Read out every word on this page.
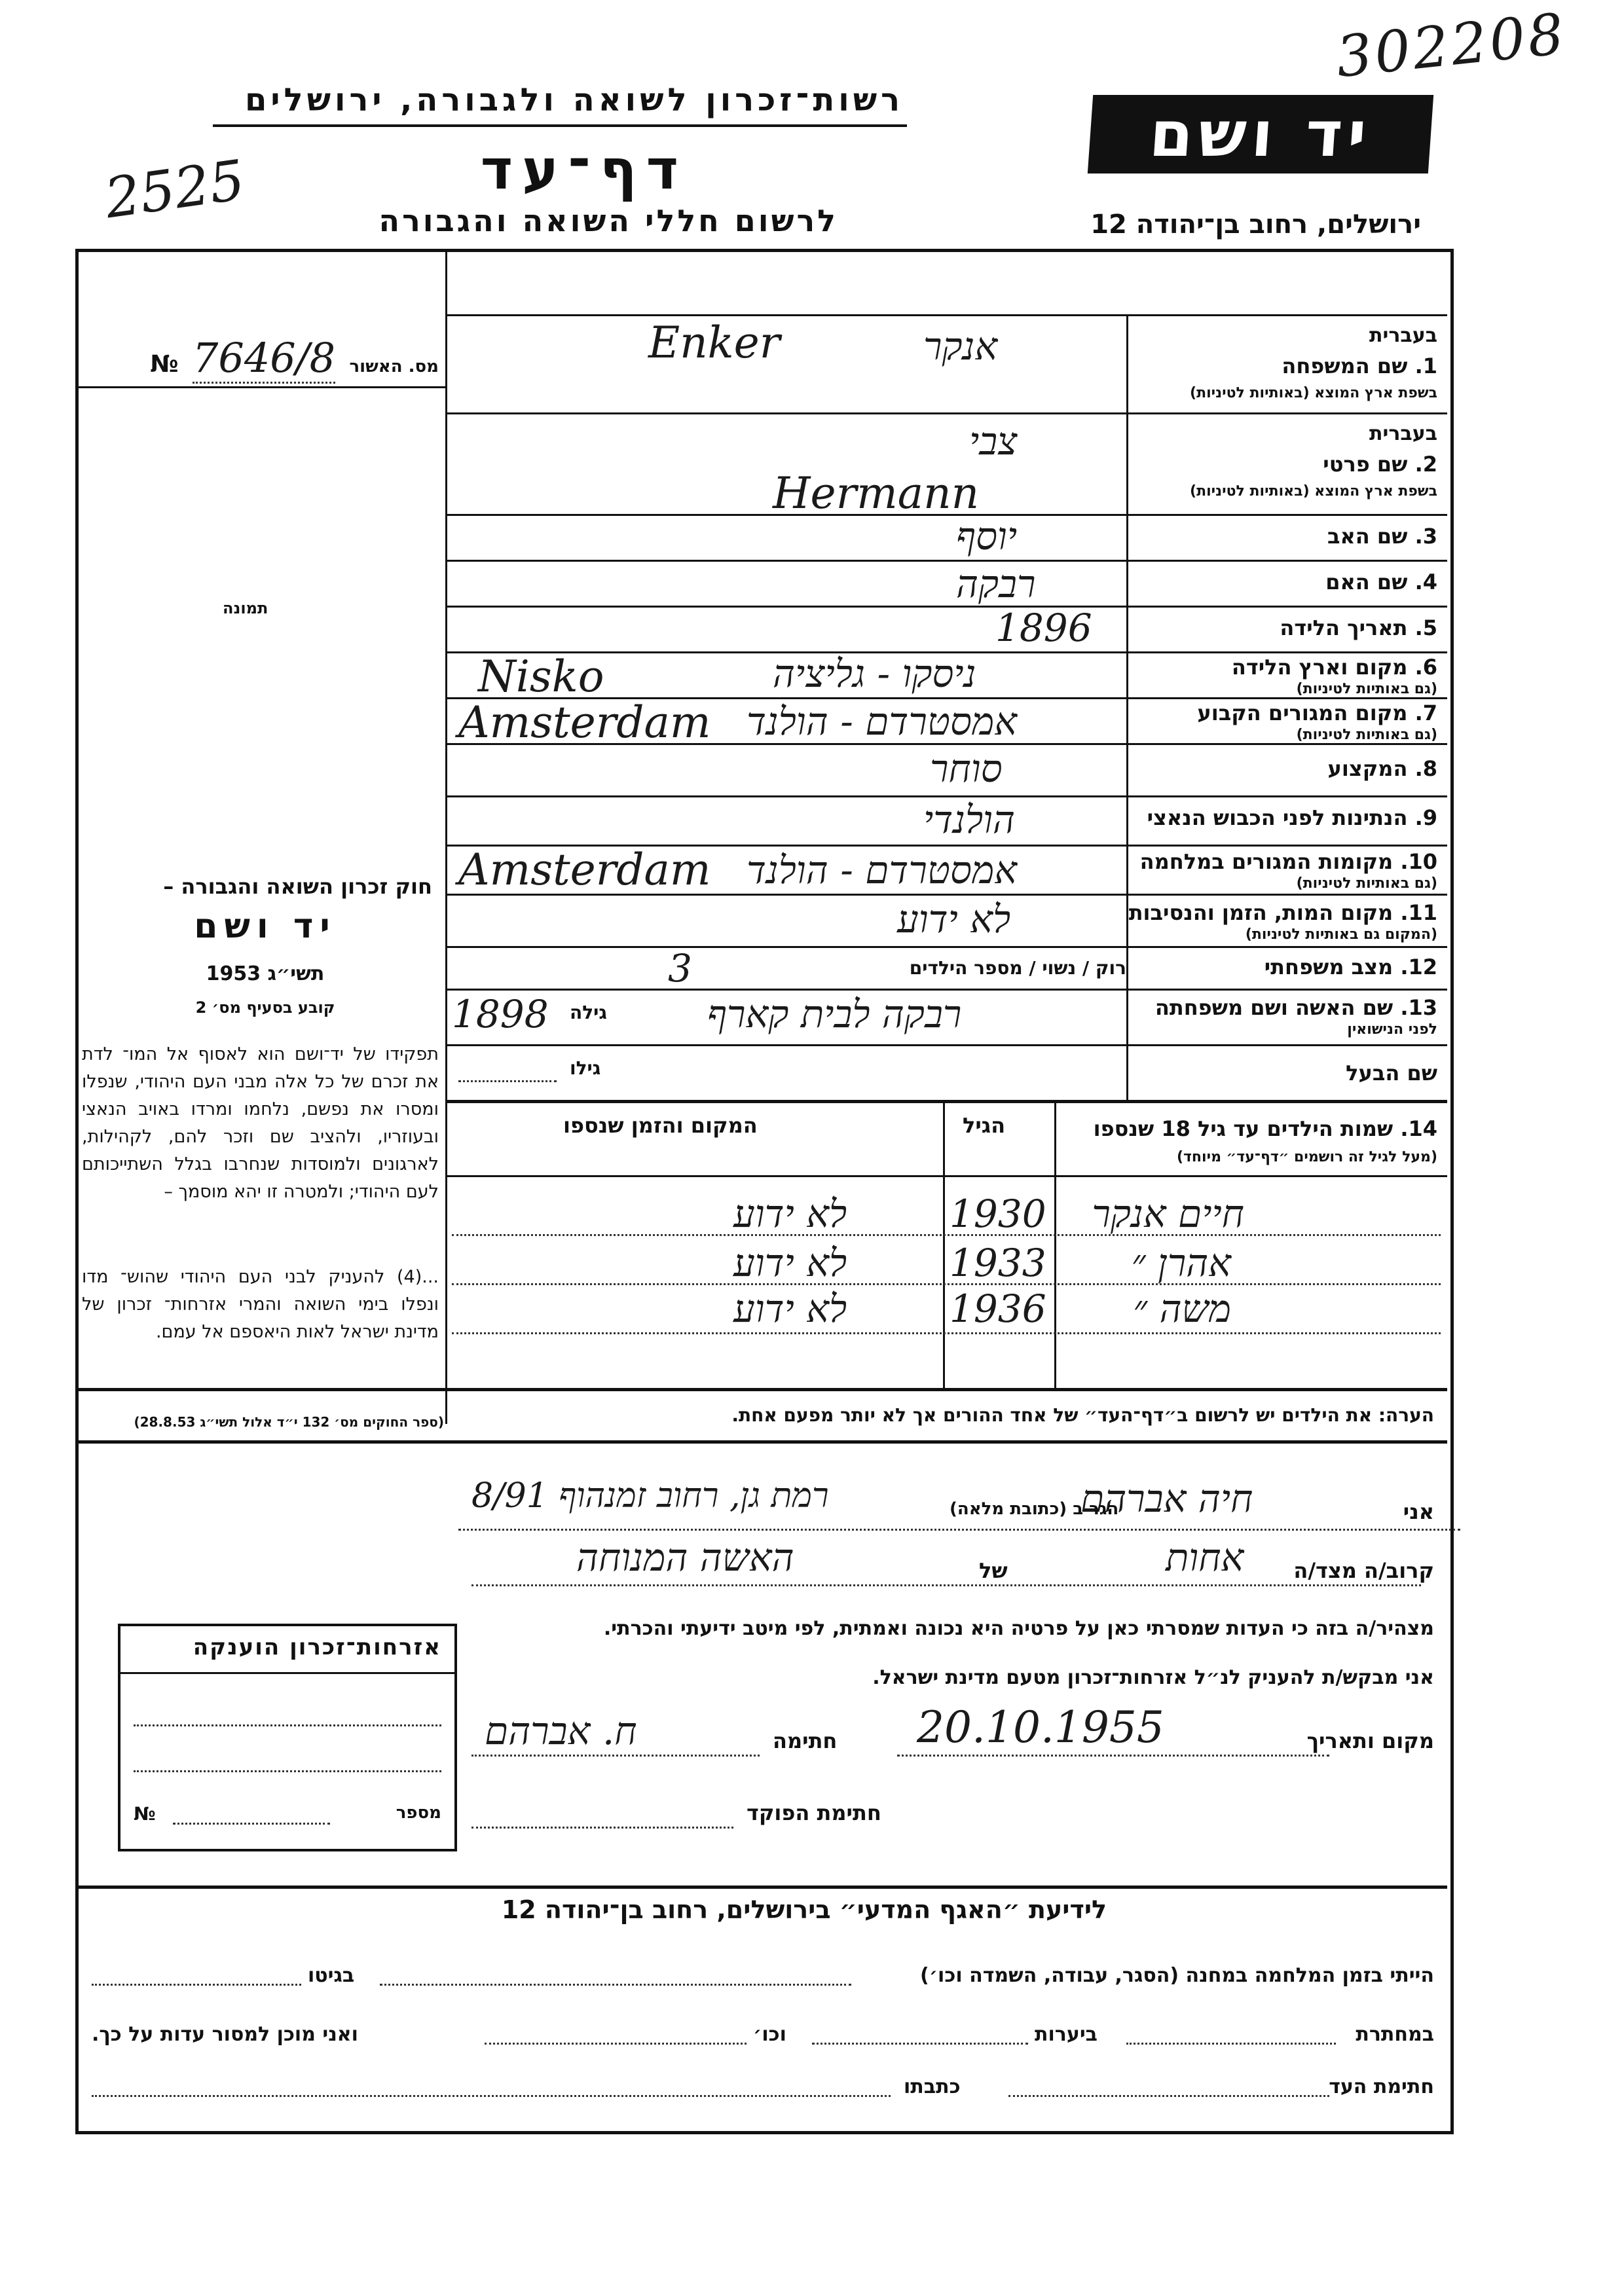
302208
2525
רשות־זכרון לשואה ולגבורה, ירושלים
דף־עד
לרשום חללי השואה והגבורה
יד ושם
ירושלים, רחוב בן־יהודה 12
מס. האשור 7646/8 №
תמונה
חוק זכרון השואה והגבורה –
יד ושם
תשי״ג 1953
קובע בסעיף מס׳ 2
תפקידו של יד־ושם הוא לאסוף אל המו־ לדת את זכרם של כל אלה מבני העם היהודי, שנפלו ומסרו את נפשם, נלחמו ומרדו באויב הנאצי ובעוזריו, ולהציב שם וזכר להם, לקהילות, לארגונים ולמוסדות שנחרבו בגלל השתייכותם לעם היהודי; ולמטרה זו יהא מוסמך –
...(4) להעניק לבני העם היהודי שהוש־ מדו ונפלו בימי השואה והמרי אזרחות־ זכרון של מדינת ישראל לאות היאספם אל עמם.
(ספר החוקים מס׳ 132 י״ד אלול תשי״ג 28.8.53)
בעברית
1. שם המשפחה
בשפת ארץ המוצא (באותיות לטיניות)
Enker	אנקר
בעברית
2. שם פרטי
בשפת ארץ המוצא (באותיות לטיניות)
צבי
Hermann
3. שם האב
יוסף
4. שם האם
רבקה
5. תאריך הלידה
1896
6. מקום וארץ הלידה
(גם באותיות לטיניות)
Nisko	ניסקו - גליציה
7. מקום המגורים הקבוע
(גם באותיות לטיניות)
Amsterdam אמסטרדם - הולנד
8. המקצוע
סוחר
9. הנתינות לפני הכבוש הנאצי
הולנדי
10. מקומות המגורים במלחמה
(גם באותיות לטיניות)
Amsterdam אמסטרדם - הולנד
11. מקום המות, הזמן והנסיבות
(המקום גם באותיות לטיניות)
לא ידוע
12. מצב משפחתי
רוק / נשוי / מספר הילדים
3
13. שם האשה ושם משפחתה
לפני הנישואין
רבקה לבית קארף
גילה
1898
שם הבעל
גילו
14. שמות הילדים עד גיל 18 שנספו
(מעל לגיל זה רושמים ״דף־עד״ מיוחד)
הגיל
המקום והזמן שנספו
חיים אנקר
1930
לא ידוע
אהרן ״
1933
לא ידוע
משה ״
1936
לא ידוע
הערה: את הילדים יש לרשום ב״דף־העד״ של אחד ההורים אך לא יותר מפעם אחת.
אני
חיה אברהם
הגר ב (כתובת מלאה)
רמת גן, רחוב זמנהוף 8/91
קרוב/ה מצד/ה
אחות
של
האשה המנוחה
מצהיר/ה בזה כי העדות שמסרתי כאן על פרטיה היא נכונה ואמתית, לפי מיטב ידיעתי והכרתי.
אני מבקש/ת להעניק לנ״ל אזרחות־זכרון מטעם מדינת ישראל.
מקום ותאריך
20.10.1955
חתימה
ח. אברהם
חתימת הפוקד
אזרחות־זכרון הוענקה
מספר
№
לידיעת ״האגף המדעי״ בירושלים, רחוב בן־יהודה 12
הייתי בזמן המלחמה במחנה (הסגר, עבודה, השמדה וכו׳)
בגיטו
במחתרת
ביערות
וכו׳
ואני מוכן למסור עדות על כך.
חתימת העד
כתבתו
